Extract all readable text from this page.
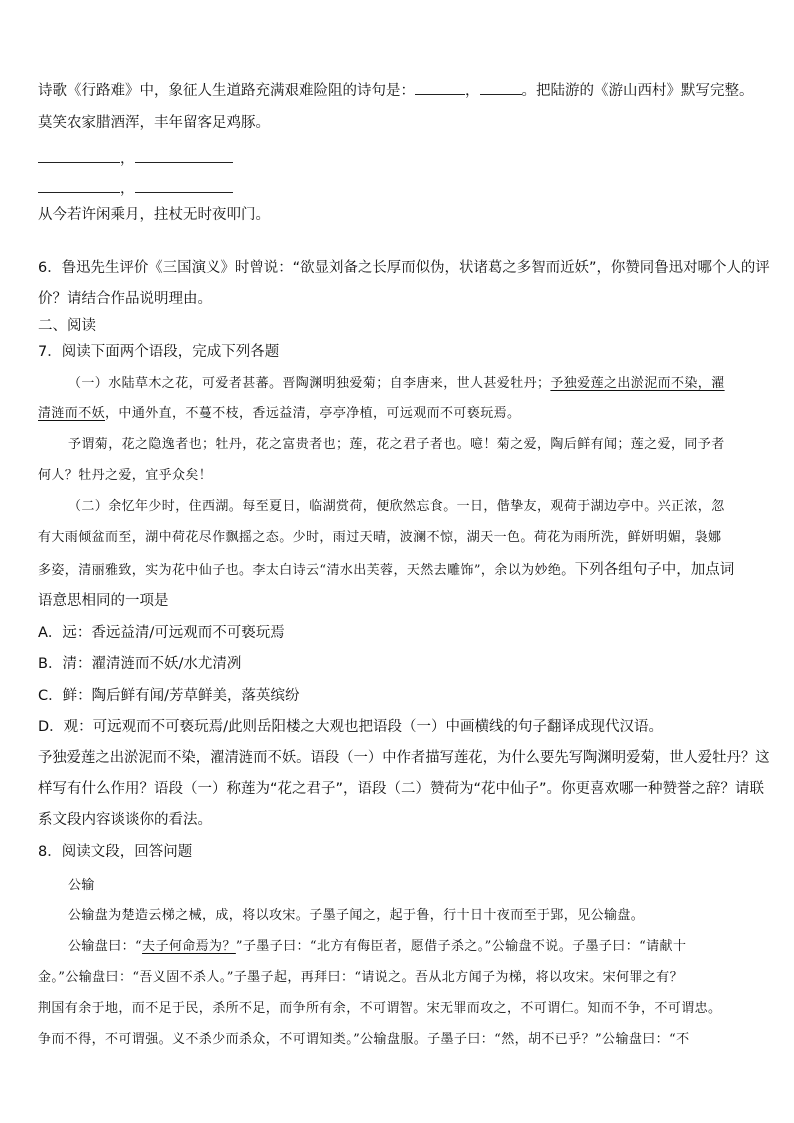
诗歌《行路难》中，象征人生道路充满艰难险阻的诗句是：	，	。把陆游的《游山西村》默写完整。
莫笑农家腊酒浑，丰年留客足鸡豚。
，
，
从今若许闲乘月，拄杖无时夜叩门。
6．鲁迅先生评价《三国演义》时曾说：“欲显刘备之长厚而似伪，状诸葛之多智而近妖”，你赞同鲁迅对哪个人的评
价？请结合作品说明理由。
二、阅读
7．阅读下面两个语段，完成下列各题
（一）水陆草木之花，可爱者甚蕃。晋陶渊明独爱菊；自李唐来，世人甚爱牡丹；予独爱莲之出淤泥而不染，濯
清涟而不妖，中通外直，不蔓不枝，香远益清，亭亭净植，可远观而不可亵玩焉。
予谓菊，花之隐逸者也；牡丹，花之富贵者也；莲，花之君子者也。噫！菊之爱，陶后鲜有闻；莲之爱，同予者
何人？牡丹之爱，宜乎众矣！
（二）余忆年少时，住西湖。每至夏日，临湖赏荷，便欣然忘食。一日，偕挚友，观荷于湖边亭中。兴正浓，忽
有大雨倾盆而至，湖中荷花尽作飘摇之态。少时，雨过天晴，波澜不惊，湖天一色。荷花为雨所洗，鲜妍明媚，袅娜
多姿，清丽雅致，实为花中仙子也。李太白诗云“清水出芙蓉，天然去雕饰”，余以为妙绝。下列各组句子中，加点词
语意思相同的一项是
A．远：香远益清/可远观而不可亵玩焉
B．清：濯清涟而不妖/水尤清冽
C．鲜：陶后鲜有闻/芳草鲜美，落英缤纷
D．观：可远观而不可亵玩焉/此则岳阳楼之大观也把语段（一）中画横线的句子翻译成现代汉语。
予独爱莲之出淤泥而不染，濯清涟而不妖。语段（一）中作者描写莲花，为什么要先写陶渊明爱菊，世人爱牡丹？这
样写有什么作用？语段（一）称莲为“花之君子”，语段（二）赞荷为“花中仙子”。你更喜欢哪一种赞誉之辞？请联
系文段内容谈谈你的看法。
8．阅读文段，回答问题
公输
公输盘为楚造云梯之械，成，将以攻宋。子墨子闻之，起于鲁，行十日十夜而至于郢，见公输盘。
公输盘曰：“夫子何命焉为？”子墨子曰：“北方有侮臣者，愿借子杀之。”公输盘不说。子墨子曰：“请献十
金。”公输盘曰：“吾义固不杀人。”子墨子起，再拜曰：“请说之。吾从北方闻子为梯，将以攻宋。宋何罪之有？
荆国有余于地，而不足于民，杀所不足，而争所有余，不可谓智。宋无罪而攻之，不可谓仁。知而不争，不可谓忠。
争而不得，不可谓强。义不杀少而杀众，不可谓知类。”公输盘服。子墨子曰：“然，胡不已乎？”公输盘曰：“不
